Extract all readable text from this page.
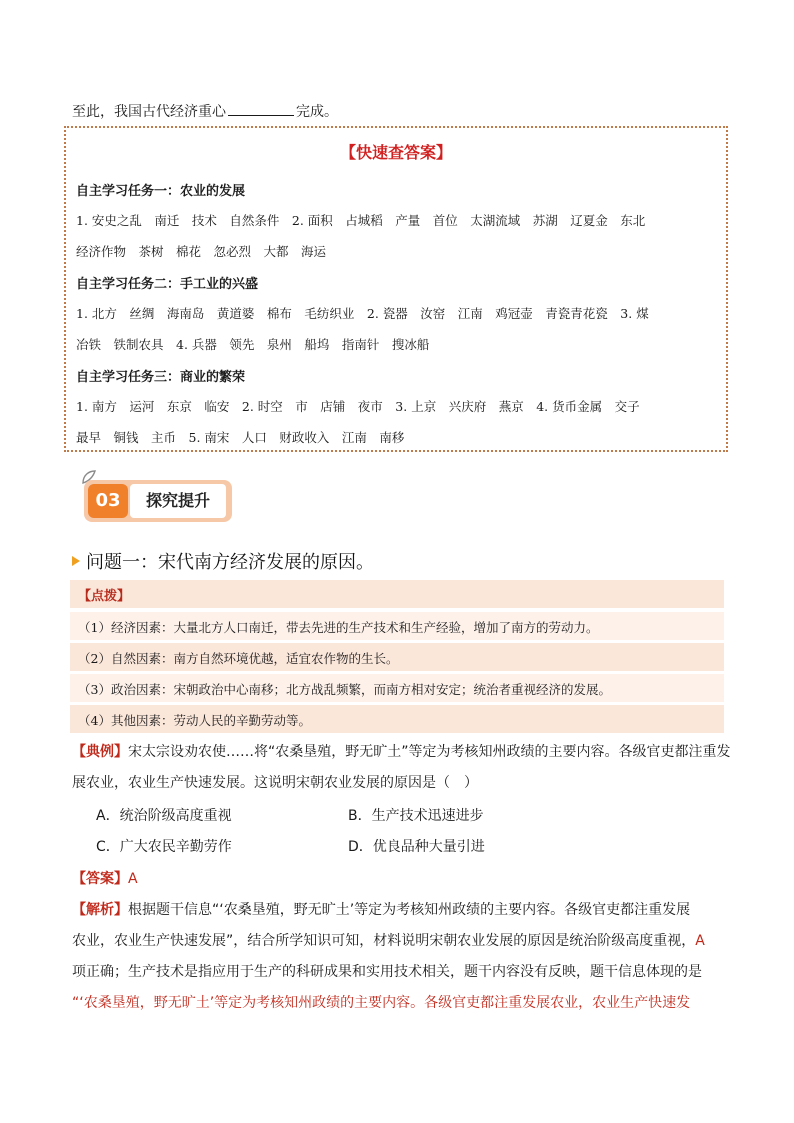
至此，我国古代经济重心	完成。
【快速查答案】
自主学习任务一：农业的发展
1. 安史之乱　南迁　技术　自然条件　2. 面积　占城稻　产量　首位　太湖流域　苏湖　辽夏金　东北
经济作物　茶树　棉花　忽必烈　大都　海运
自主学习任务二：手工业的兴盛
1. 北方　丝绸　海南岛　黄道婆　棉布　毛纺织业　2. 瓷器　汝窑　江南　鸡冠壶　青瓷青花瓷　3. 煤
冶铁　铁制农具　4. 兵器　领先　泉州　船坞　指南针　搜冰船
自主学习任务三：商业的繁荣
1. 南方　运河　东京　临安　2. 时空　市　店铺　夜市　3. 上京　兴庆府　燕京　4. 货币金属　交子
最早　铜钱　主币　5. 南宋　人口　财政收入　江南　南移
03	探究提升
问题一：宋代南方经济发展的原因。
【点拨】
（1）经济因素：大量北方人口南迁，带去先进的生产技术和生产经验，增加了南方的劳动力。
（2）自然因素：南方自然环境优越，适宜农作物的生长。
（3）政治因素：宋朝政治中心南移；北方战乱频繁，而南方相对安定；统治者重视经济的发展。
（4）其他因素：劳动人民的辛勤劳动等。
【典例】宋太宗设劝农使……将“农桑垦殖，野无旷土”等定为考核知州政绩的主要内容。各级官吏都注重发
展农业，农业生产快速发展。这说明宋朝农业发展的原因是（　）
A．统治阶级高度重视	B．生产技术迅速进步
C．广大农民辛勤劳作	D．优良品种大量引进
【答案】A
【解析】根据题干信息“‘农桑垦殖，野无旷土’等定为考核知州政绩的主要内容。各级官吏都注重发展
农业，农业生产快速发展”，结合所学知识可知，材料说明宋朝农业发展的原因是统治阶级高度重视，A
项正确；生产技术是指应用于生产的科研成果和实用技术相关，题干内容没有反映，题干信息体现的是
“‘农桑垦殖，野无旷土’等定为考核知州政绩的主要内容。各级官吏都注重发展农业，农业生产快速发
